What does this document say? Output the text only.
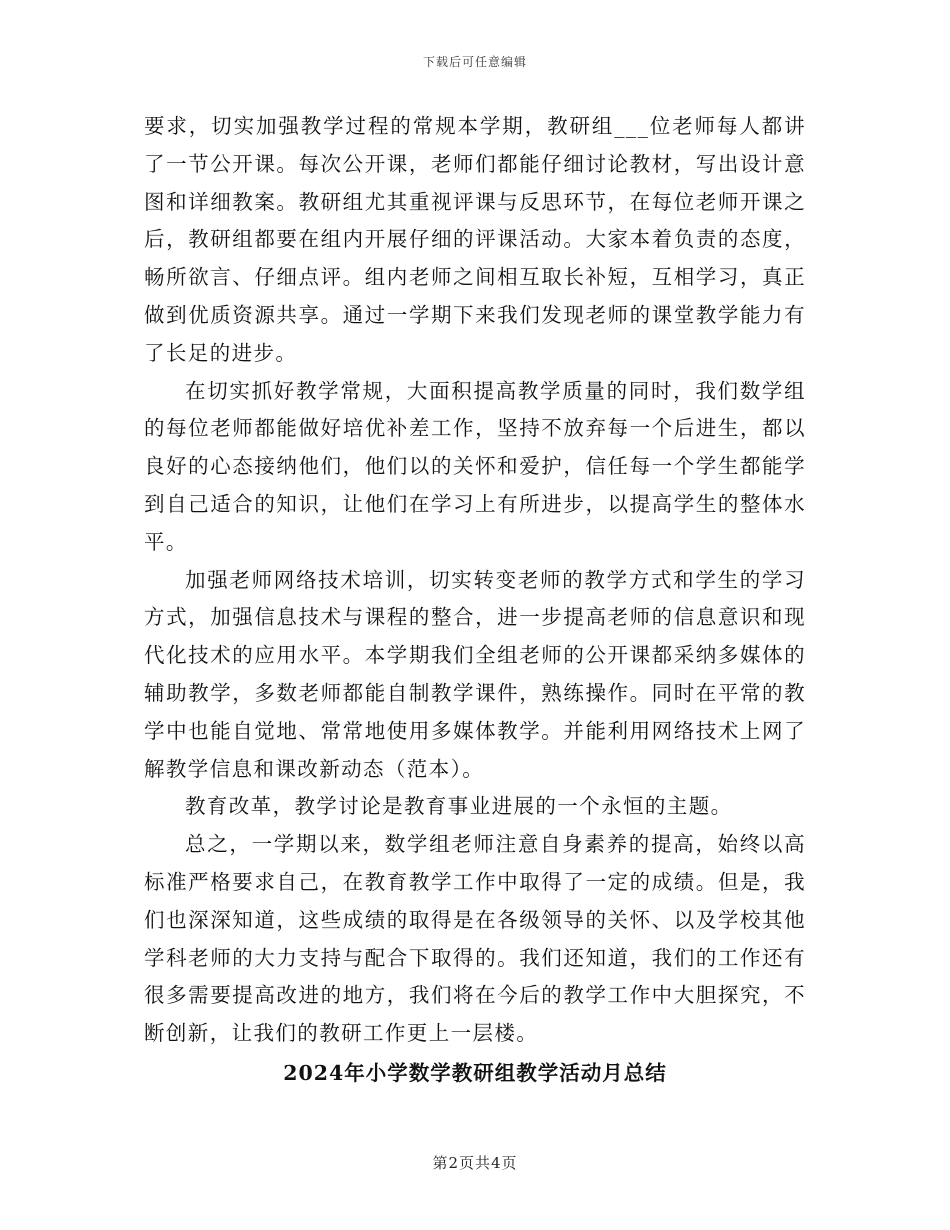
下载后可任意编辑

要求，切实加强教学过程的常规本学期，教研组___位老师每人都讲了一节公开课。每次公开课，老师们都能仔细讨论教材，写出设计意图和详细教案。教研组尤其重视评课与反思环节，在每位老师开课之后，教研组都要在组内开展仔细的评课活动。大家本着负责的态度，畅所欲言、仔细点评。组内老师之间相互取长补短，互相学习，真正做到优质资源共享。通过一学期下来我们发现老师的课堂教学能力有了长足的进步。

在切实抓好教学常规，大面积提高教学质量的同时，我们数学组的每位老师都能做好培优补差工作，坚持不放弃每一个后进生，都以良好的心态接纳他们，他们以的关怀和爱护，信任每一个学生都能学到自己适合的知识，让他们在学习上有所进步，以提高学生的整体水平。

加强老师网络技术培训，切实转变老师的教学方式和学生的学习方式，加强信息技术与课程的整合，进一步提高老师的信息意识和现代化技术的应用水平。本学期我们全组老师的公开课都采纳多媒体的辅助教学，多数老师都能自制教学课件，熟练操作。同时在平常的教学中也能自觉地、常常地使用多媒体教学。并能利用网络技术上网了解教学信息和课改新动态（范本）。

教育改革，教学讨论是教育事业进展的一个永恒的主题。

总之，一学期以来，数学组老师注意自身素养的提高，始终以高标准严格要求自己，在教育教学工作中取得了一定的成绩。但是，我们也深深知道，这些成绩的取得是在各级领导的关怀、以及学校其他学科老师的大力支持与配合下取得的。我们还知道，我们的工作还有很多需要提高改进的地方，我们将在今后的教学工作中大胆探究，不断创新，让我们的教研工作更上一层楼。

2024年小学数学教研组教学活动月总结
第2页共4页
